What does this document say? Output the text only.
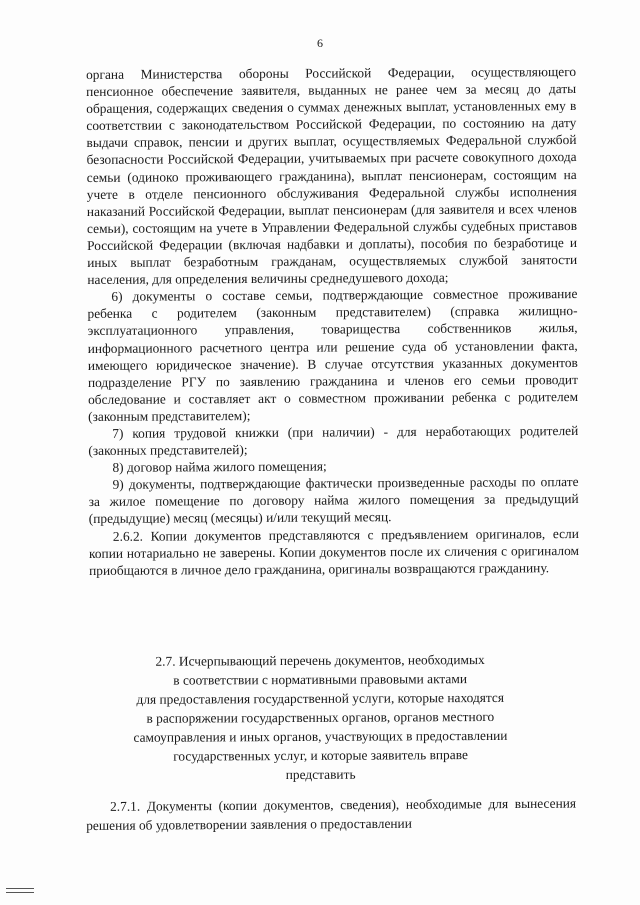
6

органа Министерства обороны Российской Федерации, осуществляющего пенсионное обеспечение заявителя, выданных не ранее чем за месяц до даты обращения, содержащих сведения о суммах денежных выплат, установленных ему в соответствии с законодательством Российской Федерации, по состоянию на дату выдачи справок, пенсии и других выплат, осуществляемых Федеральной службой безопасности Российской Федерации, учитываемых при расчете совокупного дохода семьи (одиноко проживающего гражданина), выплат пенсионерам, состоящим на учете в отделе пенсионного обслуживания Федеральной службы исполнения наказаний Российской Федерации, выплат пенсионерам (для заявителя и всех членов семьи), состоящим на учете в Управлении Федеральной службы судебных приставов Российской Федерации (включая надбавки и доплаты), пособия по безработице и иных выплат безработным гражданам, осуществляемых службой занятости населения, для определения величины среднедушевого дохода;

6) документы о составе семьи, подтверждающие совместное проживание ребенка с родителем (законным представителем) (справка жилищно-эксплуатационного управления, товарищества собственников жилья, информационного расчетного центра или решение суда об установлении факта, имеющего юридическое значение). В случае отсутствия указанных документов подразделение РГУ по заявлению гражданина и членов его семьи проводит обследование и составляет акт о совместном проживании ребенка с родителем (законным представителем);

7) копия трудовой книжки (при наличии) - для неработающих родителей (законных представителей);

8) договор найма жилого помещения;

9) документы, подтверждающие фактически произведенные расходы по оплате за жилое помещение по договору найма жилого помещения за предыдущий (предыдущие) месяц (месяцы) и/или текущий месяц.

2.6.2. Копии документов представляются с предъявлением оригиналов, если копии нотариально не заверены. Копии документов после их сличения с оригиналом приобщаются в личное дело гражданина, оригиналы возвращаются гражданину.

2.7. Исчерпывающий перечень документов, необходимых

в соответствии с нормативными правовыми актами

для предоставления государственной услуги, которые находятся

в распоряжении государственных органов, органов местного

самоуправления и иных органов, участвующих в предоставлении

государственных услуг, и которые заявитель вправе

представить

2.7.1. Документы (копии документов, сведения), необходимые для вынесения решения об удовлетворении заявления о предоставлении
